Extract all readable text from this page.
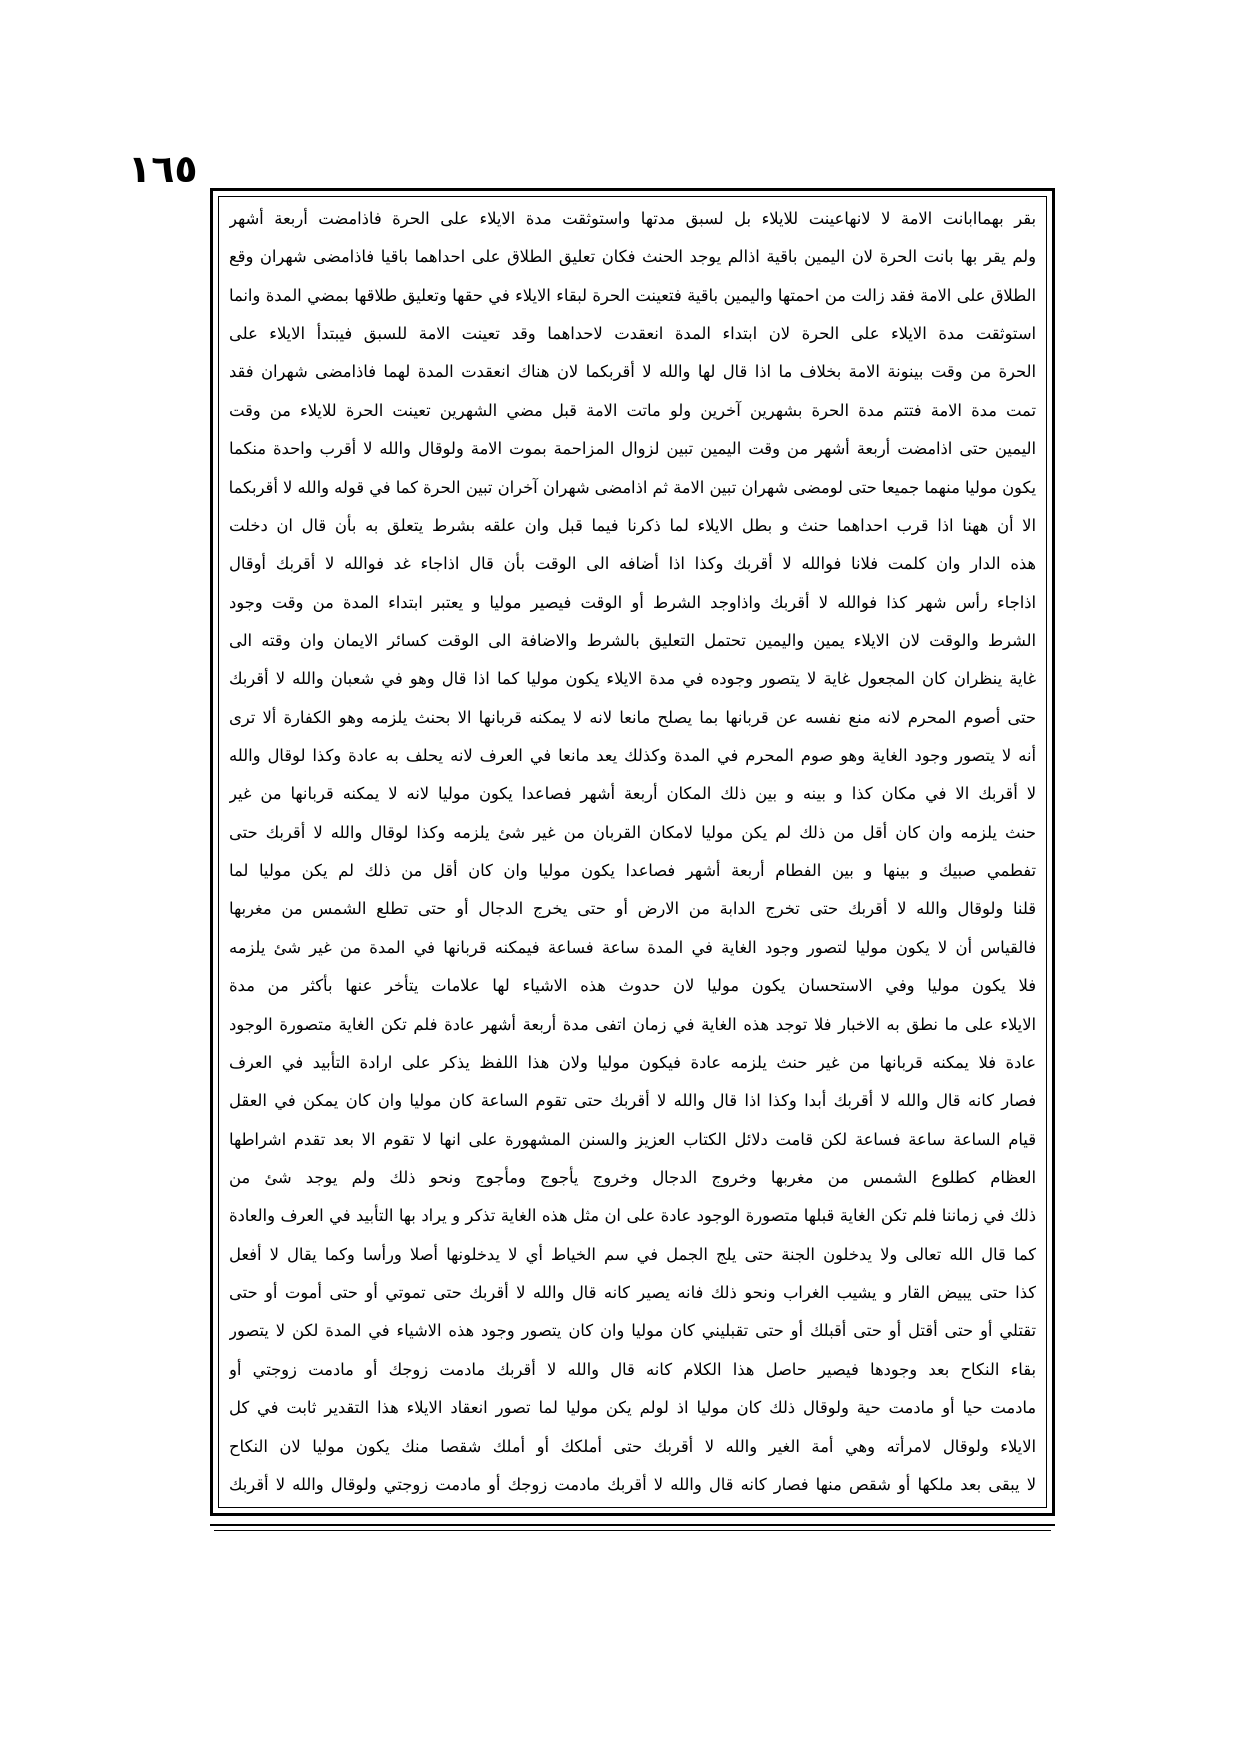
١٦٥
بقر بهماابانت الامة لا لانهاعينت للايلاء بل لسبق مدتها واستوثقت مدة الايلاء على الحرة فاذامضت أربعة أشهر
ولم يقر بها بانت الحرة لان اليمين باقية اذالم يوجد الحنث فكان تعليق الطلاق على احداهما باقيا فاذامضى شهران وقع
الطلاق على الامة فقد زالت من احمتها واليمين باقية فتعينت الحرة لبقاء الايلاء في حقها وتعليق طلاقها بمضي المدة وانما
استوثقت مدة الايلاء على الحرة لان ابتداء المدة انعقدت لاحداهما وقد تعينت الامة للسبق فيبتدأ الايلاء على
الحرة من وقت بينونة الامة بخلاف ما اذا قال لها والله لا أقربكما لان هناك انعقدت المدة لهما فاذامضى شهران فقد
تمت مدة الامة فتتم مدة الحرة بشهرين آخرين ولو ماتت الامة قبل مضي الشهرين تعينت الحرة للايلاء من وقت
اليمين حتى اذامضت أربعة أشهر من وقت اليمين تبين لزوال المزاحمة بموت الامة ولوقال والله لا أقرب واحدة منكما
يكون موليا منهما جميعا حتى لومضى شهران تبين الامة ثم اذامضى شهران آخران تبين الحرة كما في قوله والله لا أقربكما
الا أن ههنا اذا قرب احداهما حنث و بطل الايلاء لما ذكرنا فيما قبل وان علقه بشرط يتعلق به بأن قال ان دخلت
هذه الدار وان كلمت فلانا فوالله لا أقربك وكذا اذا أضافه الى الوقت بأن قال اذاجاء غد فوالله لا أقربك أوقال
اذاجاء رأس شهر كذا فوالله لا أقربك واذاوجد الشرط أو الوقت فيصير موليا و يعتبر ابتداء المدة من وقت وجود
الشرط والوقت لان الايلاء يمين واليمين تحتمل التعليق بالشرط والاضافة الى الوقت كسائر الايمان وان وقته الى
غاية ينظران كان المجعول غاية لا يتصور وجوده في مدة الايلاء يكون موليا كما اذا قال وهو في شعبان والله لا أقربك
حتى أصوم المحرم لانه منع نفسه عن قربانها بما يصلح مانعا لانه لا يمكنه قربانها الا بحنث يلزمه وهو الكفارة ألا ترى
أنه لا يتصور وجود الغاية وهو صوم المحرم في المدة وكذلك يعد مانعا في العرف لانه يحلف به عادة وكذا لوقال والله
لا أقربك الا في مكان كذا و بينه و بين ذلك المكان أربعة أشهر فصاعدا يكون موليا لانه لا يمكنه قربانها من غير
حنث يلزمه وان كان أقل من ذلك لم يكن موليا لامكان القربان من غير شئ يلزمه وكذا لوقال والله لا أقربك حتى
تفطمي صبيك و بينها و بين الفطام أربعة أشهر فصاعدا يكون موليا وان كان أقل من ذلك لم يكن موليا لما
قلنا ولوقال والله لا أقربك حتى تخرج الدابة من الارض أو حتى يخرج الدجال أو حتى تطلع الشمس من مغربها
فالقياس أن لا يكون موليا لتصور وجود الغاية في المدة ساعة فساعة فيمكنه قربانها في المدة من غير شئ يلزمه
فلا يكون موليا وفي الاستحسان يكون موليا لان حدوث هذه الاشياء لها علامات يتأخر عنها بأكثر من مدة
الايلاء على ما نطق به الاخبار فلا توجد هذه الغاية في زمان اتفى مدة أربعة أشهر عادة فلم تكن الغاية متصورة الوجود
عادة فلا يمكنه قربانها من غير حنث يلزمه عادة فيكون موليا ولان هذا اللفظ يذكر على ارادة التأبيد في العرف
فصار كانه قال والله لا أقربك أبدا وكذا اذا قال والله لا أقربك حتى تقوم الساعة كان موليا وان كان يمكن في العقل
قيام الساعة ساعة فساعة لكن قامت دلائل الكتاب العزيز والسنن المشهورة على انها لا تقوم الا بعد تقدم اشراطها
العظام كطلوع الشمس من مغربها وخروج الدجال وخروج يأجوج ومأجوج ونحو ذلك ولم يوجد شئ من
ذلك في زماننا فلم تكن الغاية قبلها متصورة الوجود عادة على ان مثل هذه الغاية تذكر و يراد بها التأبيد في العرف والعادة
كما قال الله تعالى ولا يدخلون الجنة حتى يلج الجمل في سم الخياط أي لا يدخلونها أصلا ورأسا وكما يقال لا أفعل
كذا حتى يبيض القار و يشيب الغراب ونحو ذلك فانه يصير كانه قال والله لا أقربك حتى تموتي أو حتى أموت أو حتى
تقتلي أو حتى أقتل أو حتى أقبلك أو حتى تقبليني كان موليا وان كان يتصور وجود هذه الاشياء في المدة لكن لا يتصور
بقاء النكاح بعد وجودها فيصير حاصل هذا الكلام كانه قال والله لا أقربك مادمت زوجك أو مادمت زوجتي أو
مادمت حيا أو مادمت حية ولوقال ذلك كان موليا اذ لولم يكن موليا لما تصور انعقاد الايلاء هذا التقدير ثابت في كل
الايلاء ولوقال لامرأته وهي أمة الغير والله لا أقربك حتى أملكك أو أملك شقصا منك يكون موليا لان النكاح
لا يبقى بعد ملكها أو شقص منها فصار كانه قال والله لا أقربك مادمت زوجك أو مادمت زوجتي ولوقال والله لا أقربك
